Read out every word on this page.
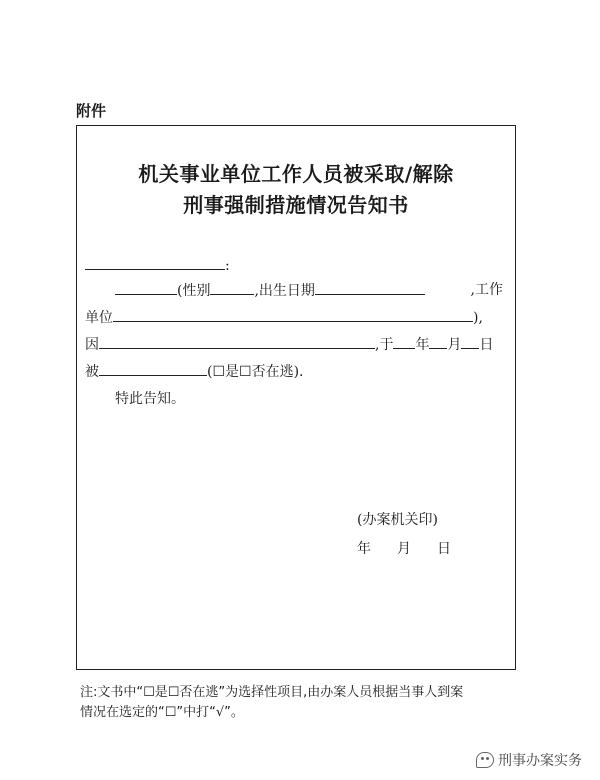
附件
机关事业单位工作人员被采取/解除
刑事强制措施情况告知书
:
(性别	,出生日期	,工作
单位	),
因	,于 年 月 日
被	(☐是☐否在逃).
特此告知。
(办案机关印)
年 月 日
注:文书中“☐是☐否在逃”为选择性项目,由办案人员根据当事人到案
情况在选定的“☐”中打“√”。
刑事办案实务
